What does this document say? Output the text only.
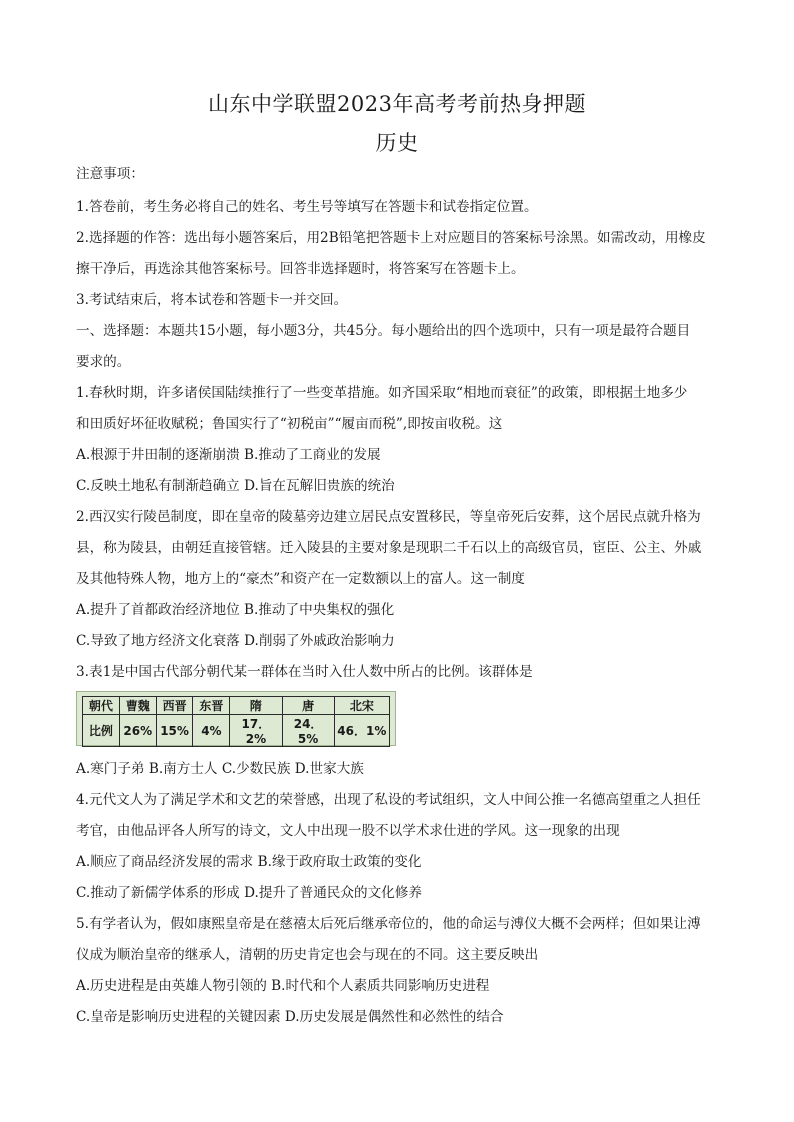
山东中学联盟2023年高考考前热身押题
历史
注意事项：
1.答卷前，考生务必将自己的姓名、考生号等填写在答题卡和试卷指定位置。
2.选择题的作答：选出每小题答案后，用2B铅笔把答题卡上对应题目的答案标号涂黑。如需改动，用橡皮
擦干净后，再选涂其他答案标号。回答非选择题时，将答案写在答题卡上。
3.考试结束后，将本试卷和答题卡一并交回。
一、选择题：本题共15小题，每小题3分，共45分。每小题给出的四个选项中，只有一项是最符合题目
要求的。
1.春秋时期，许多诸侯国陆续推行了一些变革措施。如齐国采取“相地而衰征”的政策，即根据土地多少
和田质好坏征收赋税；鲁国实行了“初税亩”“履亩而税”,即按亩收税。这
A.根源于井田制的逐渐崩溃 B.推动了工商业的发展
C.反映土地私有制渐趋确立 D.旨在瓦解旧贵族的统治
2.西汉实行陵邑制度，即在皇帝的陵墓旁边建立居民点安置移民，等皇帝死后安葬，这个居民点就升格为
县，称为陵县，由朝廷直接管辖。迁入陵县的主要对象是现职二千石以上的高级官员，宦臣、公主、外戚
及其他特殊人物，地方上的“豪杰”和资产在一定数额以上的富人。这一制度
A.提升了首都政治经济地位 B.推动了中央集权的强化
C.导致了地方经济文化衰落 D.削弱了外戚政治影响力
3.表1是中国古代部分朝代某一群体在当时入仕人数中所占的比例。该群体是
朝代	曹魏	西晋	东晋	隋	唐	北宋
比例	26%	15%	4%	17．2%	24．5%	46．1%
A.寒门子弟 B.南方士人 C.少数民族 D.世家大族
4.元代文人为了满足学术和文艺的荣誉感，出现了私设的考试组织，文人中间公推一名德高望重之人担任
考官，由他品评各人所写的诗文，文人中出现一股不以学术求仕进的学风。这一现象的出现
A.顺应了商品经济发展的需求 B.缘于政府取士政策的变化
C.推动了新儒学体系的形成 D.提升了普通民众的文化修养
5.有学者认为，假如康熙皇帝是在慈禧太后死后继承帝位的，他的命运与溥仪大概不会两样；但如果让溥
仪成为顺治皇帝的继承人，清朝的历史肯定也会与现在的不同。这主要反映出
A.历史进程是由英雄人物引领的 B.时代和个人素质共同影响历史进程
C.皇帝是影响历史进程的关键因素 D.历史发展是偶然性和必然性的结合
